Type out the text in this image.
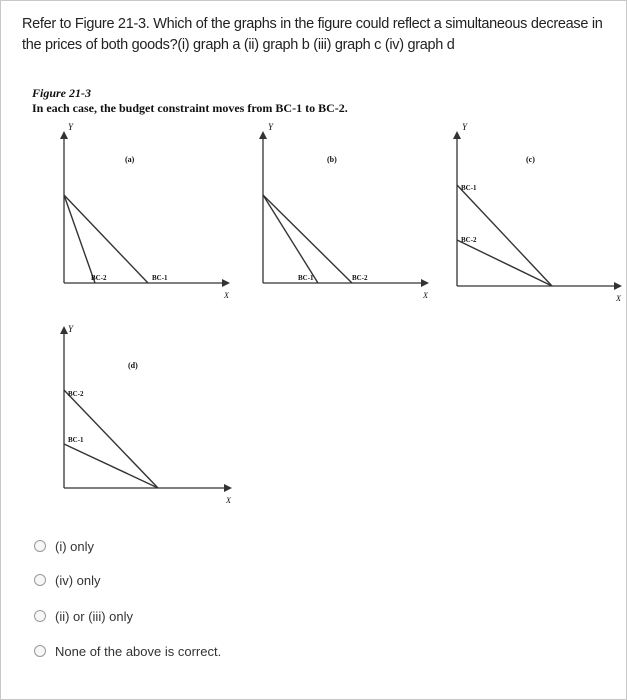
Refer to Figure 21-3. Which of the graphs in the figure could reflect a simultaneous decrease in the prices of both goods?(i) graph a (ii) graph b (iii) graph c (iv) graph d
Figure 21-3
In each case, the budget constraint moves from BC-1 to BC-2.
Y
X
(a)
BC-2	BC-1
Y
X
(b)
BC-1	BC-2
Y
X
(c)
BC-1
BC-2
Y
X
(d)
BC-2
BC-1
(i) only
(iv) only
(ii) or (iii) only
None of the above is correct.
